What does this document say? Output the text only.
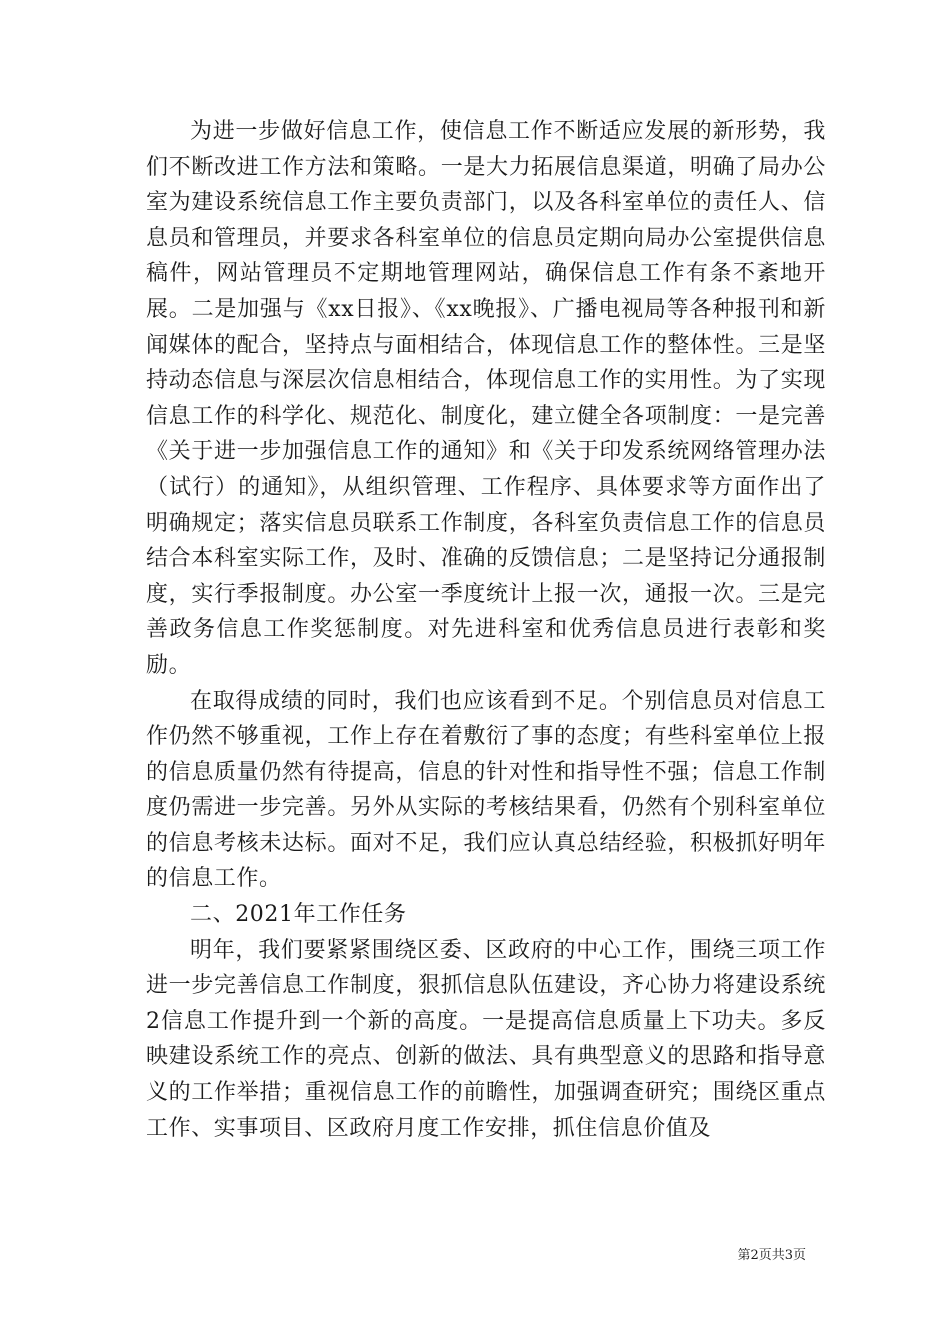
为进一步做好信息工作，使信息工作不断适应发展的新形势，我们不断改进工作方法和策略。一是大力拓展信息渠道，明确了局办公室为建设系统信息工作主要负责部门，以及各科室单位的责任人、信息员和管理员，并要求各科室单位的信息员定期向局办公室提供信息稿件，网站管理员不定期地管理网站，确保信息工作有条不紊地开展。二是加强与《xx日报》、《xx晚报》、广播电视局等各种报刊和新闻媒体的配合，坚持点与面相结合，体现信息工作的整体性。三是坚持动态信息与深层次信息相结合，体现信息工作的实用性。为了实现信息工作的科学化、规范化、制度化，建立健全各项制度：一是完善《关于进一步加强信息工作的通知》和《关于印发系统网络管理办法（试行）的通知》，从组织管理、工作程序、具体要求等方面作出了明确规定；落实信息员联系工作制度，各科室负责信息工作的信息员结合本科室实际工作，及时、准确的反馈信息；二是坚持记分通报制度，实行季报制度。办公室一季度统计上报一次，通报一次。三是完善政务信息工作奖惩制度。对先进科室和优秀信息员进行表彰和奖励。

在取得成绩的同时，我们也应该看到不足。个别信息员对信息工作仍然不够重视，工作上存在着敷衍了事的态度；有些科室单位上报的信息质量仍然有待提高，信息的针对性和指导性不强；信息工作制度仍需进一步完善。另外从实际的考核结果看，仍然有个别科室单位的信息考核未达标。面对不足，我们应认真总结经验，积极抓好明年的信息工作。

二、2021年工作任务

明年，我们要紧紧围绕区委、区政府的中心工作，围绕三项工作进一步完善信息工作制度，狠抓信息队伍建设，齐心协力将建设系统2信息工作提升到一个新的高度。一是提高信息质量上下功夫。多反映建设系统工作的亮点、创新的做法、具有典型意义的思路和指导意义的工作举措；重视信息工作的前瞻性，加强调查研究；围绕区重点工作、实事项目、区政府月度工作安排，抓住信息价值及

第2页共3页
